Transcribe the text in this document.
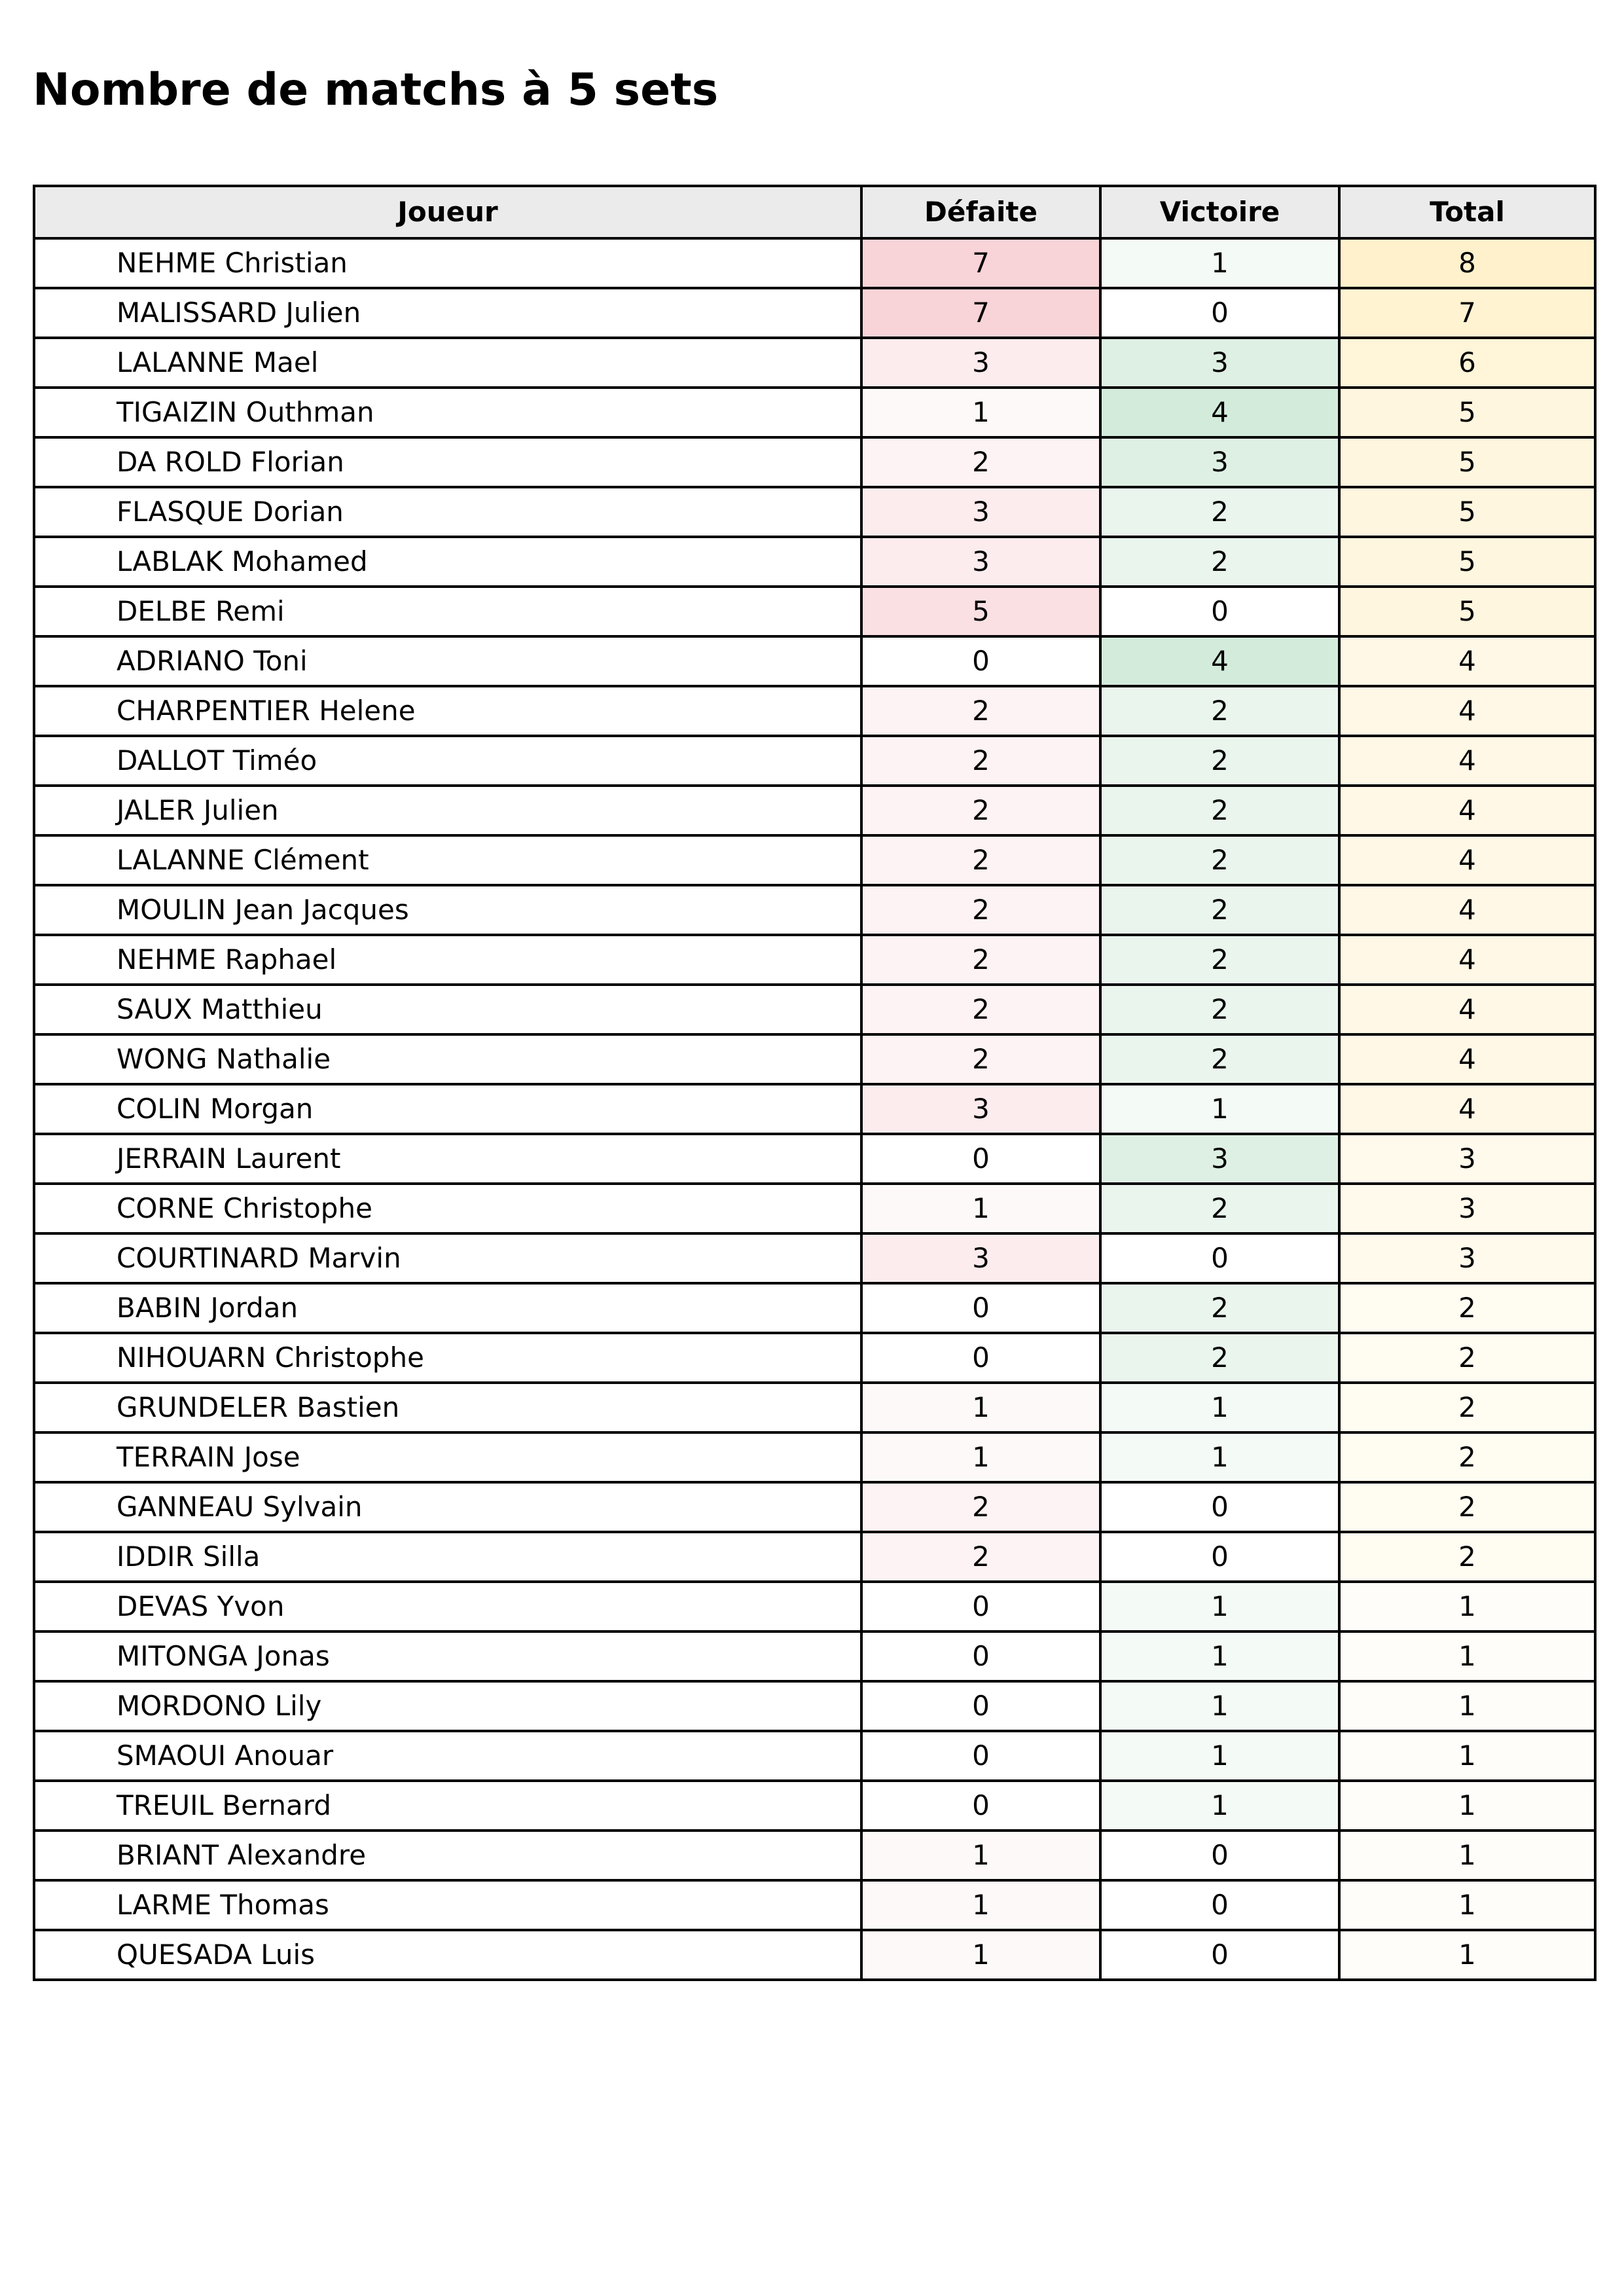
Nombre de matchs à 5 sets
Joueur	Défaite	Victoire	Total
NEHME Christian	7	1	8
MALISSARD Julien	7	0	7
LALANNE Mael	3	3	6
TIGAIZIN Outhman	1	4	5
DA ROLD Florian	2	3	5
FLASQUE Dorian	3	2	5
LABLAK Mohamed	3	2	5
DELBE Remi	5	0	5
ADRIANO Toni	0	4	4
CHARPENTIER Helene	2	2	4
DALLOT Timéo	2	2	4
JALER Julien	2	2	4
LALANNE Clément	2	2	4
MOULIN Jean Jacques	2	2	4
NEHME Raphael	2	2	4
SAUX Matthieu	2	2	4
WONG Nathalie	2	2	4
COLIN Morgan	3	1	4
JERRAIN Laurent	0	3	3
CORNE Christophe	1	2	3
COURTINARD Marvin	3	0	3
BABIN Jordan	0	2	2
NIHOUARN Christophe	0	2	2
GRUNDELER Bastien	1	1	2
TERRAIN Jose	1	1	2
GANNEAU Sylvain	2	0	2
IDDIR Silla	2	0	2
DEVAS Yvon	0	1	1
MITONGA Jonas	0	1	1
MORDONO Lily	0	1	1
SMAOUI Anouar	0	1	1
TREUIL Bernard	0	1	1
BRIANT Alexandre	1	0	1
LARME Thomas	1	0	1
QUESADA Luis	1	0	1
